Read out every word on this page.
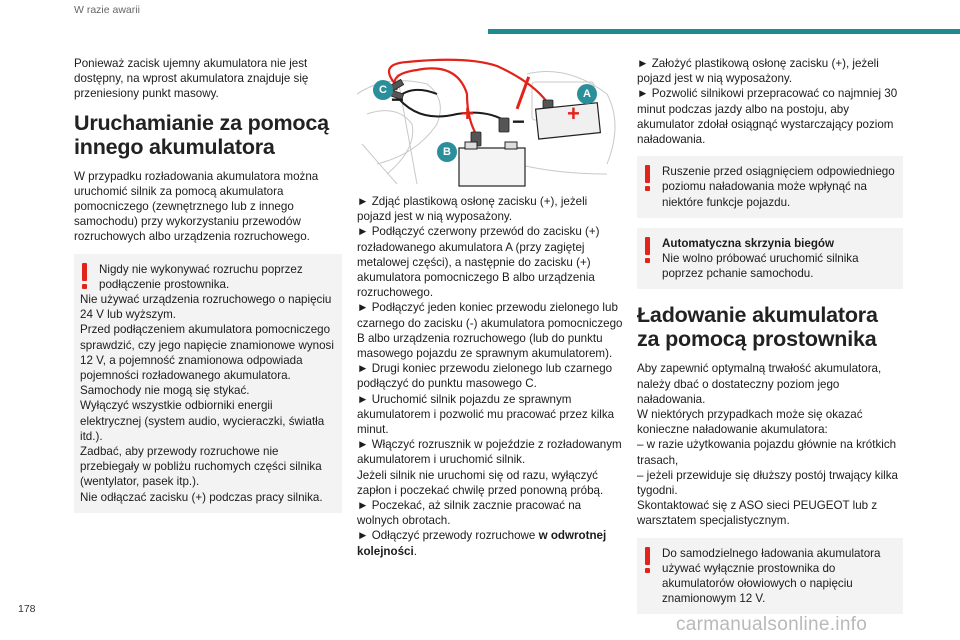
W razie awarii

Ponieważ zacisk ujemny akumulatora nie jest dostępny, na wprost akumulatora znajduje się przeniesiony punkt masowy.

Uruchamianie za pomocą innego akumulatora

W przypadku rozładowania akumulatora można uruchomić silnik za pomocą akumulatora pomocniczego (zewnętrznego lub z innego samochodu) przy wykorzystaniu przewodów rozruchowych albo urządzenia rozruchowego.

Nigdy nie wykonywać rozruchu poprzez podłączenie prostownika.
Nie używać urządzenia rozruchowego o napięciu 24 V lub wyższym.
Przed podłączeniem akumulatora pomocniczego sprawdzić, czy jego napięcie znamionowe wynosi 12 V, a pojemność znamionowa odpowiada pojemności rozładowanego akumulatora.
Samochody nie mogą się stykać.
Wyłączyć wszystkie odbiorniki energii elektrycznej (system audio, wycieraczki, światła itd.).
Zadbać, aby przewody rozruchowe nie przebiegały w pobliżu ruchomych części silnika (wentylator, pasek itp.).
Nie odłączać zacisku (+) podczas pracy silnika.
C	A
B
−
−
+	+
► Zdjąć plastikową osłonę zacisku (+), jeżeli pojazd jest w nią wyposażony.
► Podłączyć czerwony przewód do zacisku (+) rozładowanego akumulatora A (przy zagiętej metalowej części), a następnie do zacisku (+) akumulatora pomocniczego B albo urządzenia rozruchowego.
► Podłączyć jeden koniec przewodu zielonego lub czarnego do zacisku (-) akumulatora pomocniczego B albo urządzenia rozruchowego (lub do punktu masowego pojazdu ze sprawnym akumulatorem).
► Drugi koniec przewodu zielonego lub czarnego podłączyć do punktu masowego C.
► Uruchomić silnik pojazdu ze sprawnym akumulatorem i pozwolić mu pracować przez kilka minut.
► Włączyć rozrusznik w pojeździe z rozładowanym akumulatorem i uruchomić silnik.
Jeżeli silnik nie uruchomi się od razu, wyłączyć zapłon i poczekać chwilę przed ponowną próbą.
► Poczekać, aż silnik zacznie pracować na wolnych obrotach.
► Odłączyć przewody rozruchowe w odwrotnej kolejności.
► Założyć plastikową osłonę zacisku (+), jeżeli pojazd jest w nią wyposażony.
► Pozwolić silnikowi przepracować co najmniej 30 minut podczas jazdy albo na postoju, aby akumulator zdołał osiągnąć wystarczający poziom naładowania.
Ruszenie przed osiągnięciem odpowiedniego poziomu naładowania może wpłynąć na niektóre funkcje pojazdu.
Automatyczna skrzynia biegów
Nie wolno próbować uruchomić silnika poprzez pchanie samochodu.
Ładowanie akumulatora za pomocą prostownika
Aby zapewnić optymalną trwałość akumulatora, należy dbać o dostateczny poziom jego naładowania.
W niektórych przypadkach może się okazać konieczne naładowanie akumulatora:
– w razie użytkowania pojazdu głównie na krótkich trasach,
– jeżeli przewiduje się dłuższy postój trwający kilka tygodni.
Skontaktować się z ASO sieci PEUGEOT lub z warsztatem specjalistycznym.
Do samodzielnego ładowania akumulatora używać wyłącznie prostownika do akumulatorów ołowiowych o napięciu znamionowym 12 V.
178
carmanualsonline.info
